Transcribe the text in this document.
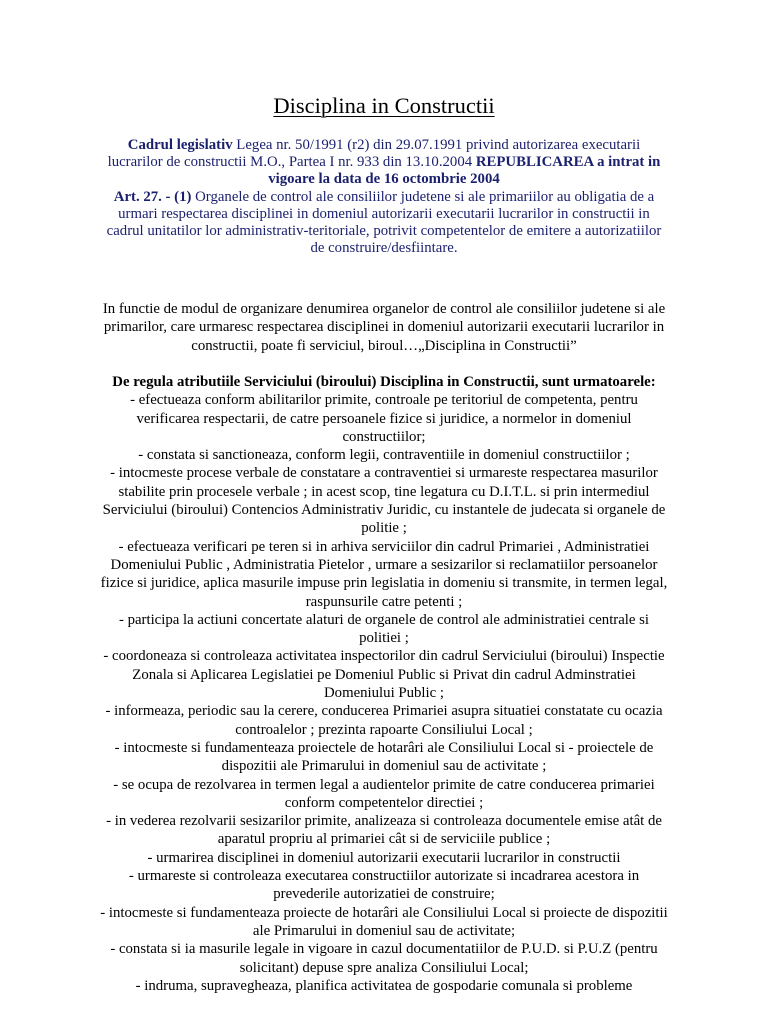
Disciplina in Constructii
Cadrul legislativ Legea nr. 50/1991 (r2) din 29.07.1991 privind autorizarea executarii lucrarilor de constructii M.O., Partea I nr. 933 din 13.10.2004 REPUBLICAREA a intrat in vigoare la data de 16 octombrie 2004
Art. 27. - (1) Organele de control ale consiliilor judetene si ale primariilor au obligatia de a urmari respectarea disciplinei in domeniul autorizarii executarii lucrarilor in constructii in cadrul unitatilor lor administrativ-teritoriale, potrivit competentelor de emitere a autorizatiilor de construire/desfiintare.
In functie de modul de organizare denumirea organelor de control ale consiliilor judetene si ale primarilor, care urmaresc respectarea disciplinei in domeniul autorizarii executarii lucrarilor in constructii, poate fi serviciul, biroul…„Disciplina in Constructii”
De regula atributiile Serviciului (biroului) Disciplina in Constructii, sunt urmatoarele:
- efectueaza conform abilitarilor primite, controale pe teritoriul de competenta, pentru verificarea respectarii, de catre persoanele fizice si juridice, a normelor in domeniul constructiilor;
- constata si sanctioneaza, conform legii, contraventiile in domeniul constructiilor ;
- intocmeste procese verbale de constatare a contraventiei si urmareste respectarea masurilor stabilite prin procesele verbale ; in acest scop, tine legatura cu D.I.T.L. si prin intermediul Serviciului (biroului) Contencios Administrativ Juridic, cu instantele de judecata si organele de politie ;
- efectueaza verificari pe teren si in arhiva serviciilor din cadrul Primariei , Administratiei Domeniului Public , Administratia Pietelor , urmare a sesizarilor si reclamatiilor persoanelor fizice si juridice, aplica masurile impuse prin legislatia in domeniu si transmite, in termen legal, raspunsurile catre petenti ;
- participa la actiuni concertate alaturi de organele de control ale administratiei centrale si politiei ;
- coordoneaza si controleaza activitatea inspectorilor din cadrul Serviciului (biroului) Inspectie Zonala si Aplicarea Legislatiei pe Domeniul Public si Privat din cadrul Adminstratiei Domeniului Public ;
- informeaza, periodic sau la cerere, conducerea Primariei asupra situatiei constatate cu ocazia controalelor ; prezinta rapoarte Consiliului Local ;
- intocmeste si fundamenteaza proiectele de hotarâri ale Consiliului Local si - proiectele de dispozitii ale Primarului in domeniul sau de activitate ;
- se ocupa de rezolvarea in termen legal a audientelor primite de catre conducerea primariei conform competentelor directiei ;
- in vederea rezolvarii sesizarilor primite, analizeaza si controleaza documentele emise atât de aparatul propriu al primariei cât si de serviciile publice ;
- urmarirea disciplinei in domeniul autorizarii executarii lucrarilor in constructii
- urmareste si controleaza executarea constructiilor autorizate si incadrarea acestora in prevederile autorizatiei de construire;
- intocmeste si fundamenteaza proiecte de hotarâri ale Consiliului Local si proiecte de dispozitii ale Primarului in domeniul sau de activitate;
- constata si ia masurile legale in vigoare in cazul documentatiilor de P.U.D. si P.U.Z (pentru solicitant) depuse spre analiza Consiliului Local;
- indruma, supravegheaza, planifica activitatea de gospodarie comunala si probleme
